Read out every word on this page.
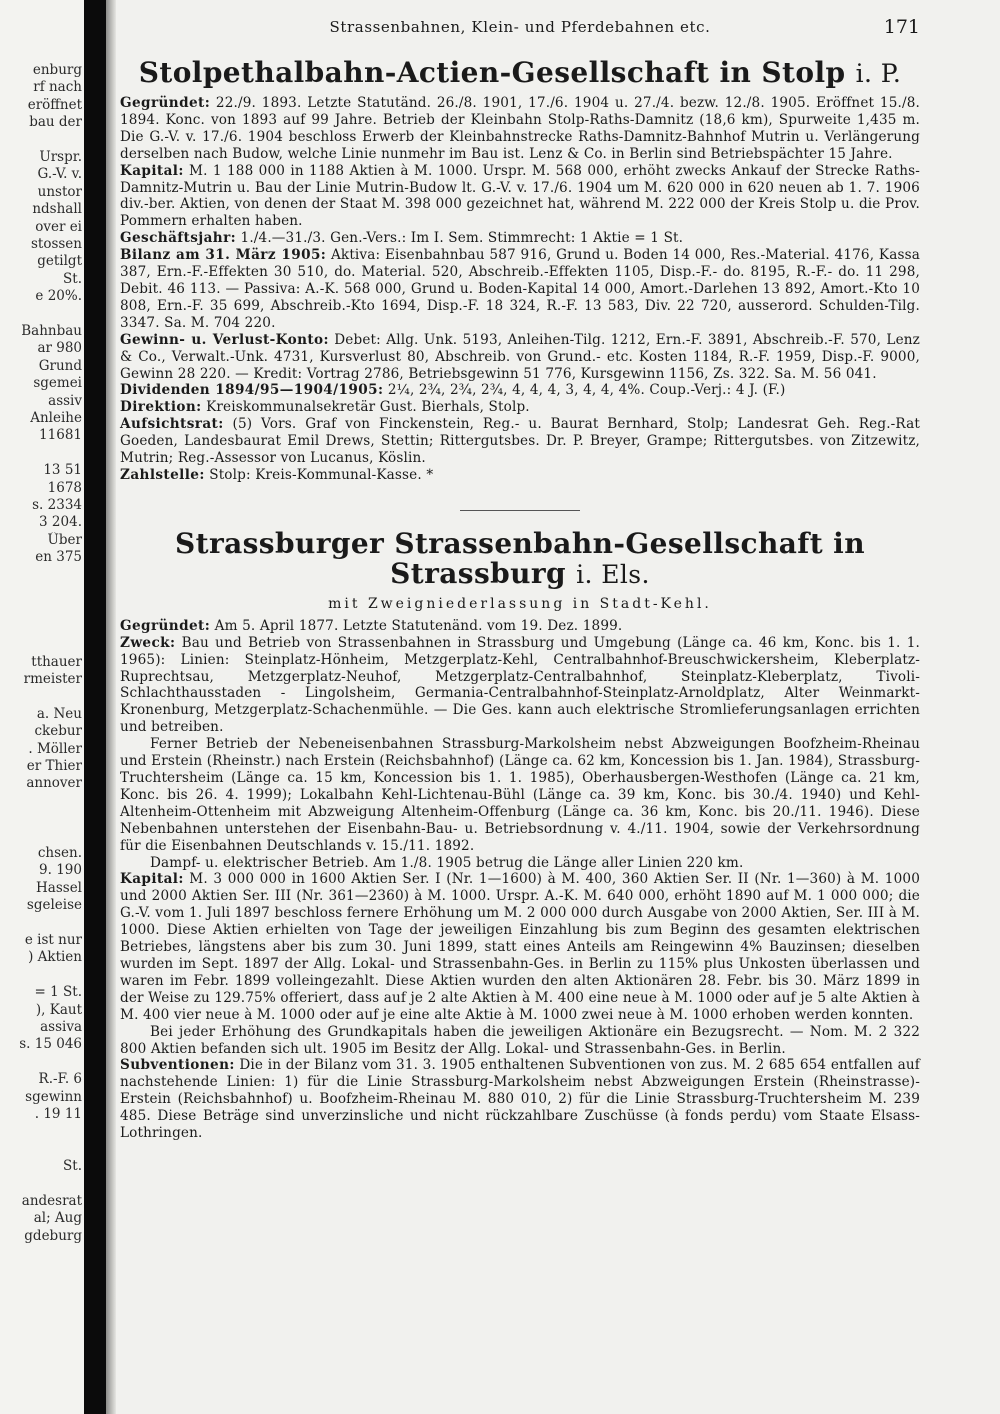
enburg
rf nach
eröffnet
bau der
Urspr.
G.-V. v.
unstor
ndshall
over ei
stossen
getilgt
St.
e 20%.
Bahnbau
ar 980
Grund
sgemei
assiv
Anleihe
11681
13 51
1678
s. 2334
3 204.
Über
en 375
tthauer
rmeister
a. Neu
ckebur
. Möller
er Thier
annover
chsen.
9. 190
Hassel
sgeleise
e ist nur
) Aktien
= 1 St.
), Kaut
assiva
s. 15 046
R.-F. 6
sgewinn
. 19 11
St.
andesrat
al; Aug
gdeburg
Strassenbahnen, Klein- und Pferdebahnen etc.	171
Stolpethalbahn-Actien-Gesellschaft in Stolp i. P.

Gegründet: 22./9. 1893. Letzte Statutänd. 26./8. 1901, 17./6. 1904 u. 27./4. bezw. 12./8. 1905. Eröffnet 15./8. 1894. Konc. von 1893 auf 99 Jahre. Betrieb der Kleinbahn Stolp-Raths-Damnitz (18,6 km), Spurweite 1,435 m. Die G.-V. v. 17./6. 1904 beschloss Erwerb der Kleinbahnstrecke Raths-Damnitz-Bahnhof Mutrin u. Verlängerung derselben nach Budow, welche Linie nunmehr im Bau ist. Lenz & Co. in Berlin sind Betriebspächter 15 Jahre.

Kapital: M. 1 188 000 in 1188 Aktien à M. 1000. Urspr. M. 568 000, erhöht zwecks Ankauf der Strecke Raths-Damnitz-Mutrin u. Bau der Linie Mutrin-Budow lt. G.-V. v. 17./6. 1904 um M. 620 000 in 620 neuen ab 1. 7. 1906 div.-ber. Aktien, von denen der Staat M. 398 000 gezeichnet hat, während M. 222 000 der Kreis Stolp u. die Prov. Pommern erhalten haben.

Geschäftsjahr: 1./4.—31./3. Gen.-Vers.: Im I. Sem. Stimmrecht: 1 Aktie = 1 St.

Bilanz am 31. März 1905: Aktiva: Eisenbahnbau 587 916, Grund u. Boden 14 000, Res.-Material. 4176, Kassa 387, Ern.-F.-Effekten 30 510, do. Material. 520, Abschreib.-Effekten 1105, Disp.-F.- do. 8195, R.-F.- do. 11 298, Debit. 46 113. — Passiva: A.-K. 568 000, Grund u. Boden-Kapital 14 000, Amort.-Darlehen 13 892, Amort.-Kto 10 808, Ern.-F. 35 699, Abschreib.-Kto 1694, Disp.-F. 18 324, R.-F. 13 583, Div. 22 720, ausserord. Schulden-Tilg. 3347. Sa. M. 704 220.

Gewinn- u. Verlust-Konto: Debet: Allg. Unk. 5193, Anleihen-Tilg. 1212, Ern.-F. 3891, Abschreib.-F. 570, Lenz & Co., Verwalt.-Unk. 4731, Kursverlust 80, Abschreib. von Grund.- etc. Kosten 1184, R.-F. 1959, Disp.-F. 9000, Gewinn 28 220. — Kredit: Vortrag 2786, Betriebsgewinn 51 776, Kursgewinn 1156, Zs. 322. Sa. M. 56 041.

Dividenden 1894/95—1904/1905: 2¼, 2¾, 2¾, 2¾, 4, 4, 4, 3, 4, 4, 4%. Coup.-Verj.: 4 J. (F.)

Direktion: Kreiskommunalsekretär Gust. Bierhals, Stolp.

Aufsichtsrat: (5) Vors. Graf von Finckenstein, Reg.- u. Baurat Bernhard, Stolp; Landesrat Geh. Reg.-Rat Goeden, Landesbaurat Emil Drews, Stettin; Rittergutsbes. Dr. P. Breyer, Grampe; Rittergutsbes. von Zitzewitz, Mutrin; Reg.-Assessor von Lucanus, Köslin.

Zahlstelle: Stolp: Kreis-Kommunal-Kasse. *

Strassburger Strassenbahn-Gesellschaft in Strassburg i. Els.
mit Zweigniederlassung in Stadt-Kehl.

Gegründet: Am 5. April 1877. Letzte Statutenänd. vom 19. Dez. 1899.

Zweck: Bau und Betrieb von Strassenbahnen in Strassburg und Umgebung (Länge ca. 46 km, Konc. bis 1. 1. 1965): Linien: Steinplatz-Hönheim, Metzgerplatz-Kehl, Centralbahnhof-Breuschwickersheim, Kleberplatz-Ruprechtsau, Metzgerplatz-Neuhof, Metzgerplatz-Centralbahnhof, Steinplatz-Kleberplatz, Tivoli-Schlachthausstaden - Lingolsheim, Germania-Centralbahnhof-Steinplatz-Arnoldplatz, Alter Weinmarkt-Kronenburg, Metzgerplatz-Schachenmühle. — Die Ges. kann auch elektrische Stromlieferungsanlagen errichten und betreiben.

Ferner Betrieb der Nebeneisenbahnen Strassburg-Markolsheim nebst Abzweigungen Boofzheim-Rheinau und Erstein (Rheinstr.) nach Erstein (Reichsbahnhof) (Länge ca. 62 km, Koncession bis 1. Jan. 1984), Strassburg-Truchtersheim (Länge ca. 15 km, Koncession bis 1. 1. 1985), Oberhausbergen-Westhofen (Länge ca. 21 km, Konc. bis 26. 4. 1999); Lokalbahn Kehl-Lichtenau-Bühl (Länge ca. 39 km, Konc. bis 30./4. 1940) und Kehl-Altenheim-Ottenheim mit Abzweigung Altenheim-Offenburg (Länge ca. 36 km, Konc. bis 20./11. 1946). Diese Nebenbahnen unterstehen der Eisenbahn-Bau- u. Betriebsordnung v. 4./11. 1904, sowie der Verkehrsordnung für die Eisenbahnen Deutschlands v. 15./11. 1892.

Dampf- u. elektrischer Betrieb. Am 1./8. 1905 betrug die Länge aller Linien 220 km.

Kapital: M. 3 000 000 in 1600 Aktien Ser. I (Nr. 1—1600) à M. 400, 360 Aktien Ser. II (Nr. 1—360) à M. 1000 und 2000 Aktien Ser. III (Nr. 361—2360) à M. 1000. Urspr. A.-K. M. 640 000, erhöht 1890 auf M. 1 000 000; die G.-V. vom 1. Juli 1897 beschloss fernere Erhöhung um M. 2 000 000 durch Ausgabe von 2000 Aktien, Ser. III à M. 1000. Diese Aktien erhielten von Tage der jeweiligen Einzahlung bis zum Beginn des gesamten elektrischen Betriebes, längstens aber bis zum 30. Juni 1899, statt eines Anteils am Reingewinn 4% Bauzinsen; dieselben wurden im Sept. 1897 der Allg. Lokal- und Strassenbahn-Ges. in Berlin zu 115% plus Unkosten überlassen und waren im Febr. 1899 volleingezahlt. Diese Aktien wurden den alten Aktionären 28. Febr. bis 30. März 1899 in der Weise zu 129.75% offeriert, dass auf je 2 alte Aktien à M. 400 eine neue à M. 1000 oder auf je 5 alte Aktien à M. 400 vier neue à M. 1000 oder auf je eine alte Aktie à M. 1000 zwei neue à M. 1000 erhoben werden konnten.

Bei jeder Erhöhung des Grundkapitals haben die jeweiligen Aktionäre ein Bezugsrecht. — Nom. M. 2 322 800 Aktien befanden sich ult. 1905 im Besitz der Allg. Lokal- und Strassenbahn-Ges. in Berlin.

Subventionen: Die in der Bilanz vom 31. 3. 1905 enthaltenen Subventionen von zus. M. 2 685 654 entfallen auf nachstehende Linien: 1) für die Linie Strassburg-Markolsheim nebst Abzweigungen Erstein (Rheinstrasse)-Erstein (Reichsbahnhof) u. Boofzheim-Rheinau M. 880 010, 2) für die Linie Strassburg-Truchtersheim M. 239 485. Diese Beträge sind unverzinsliche und nicht rückzahlbare Zuschüsse (à fonds perdu) vom Staate Elsass-Lothringen.
